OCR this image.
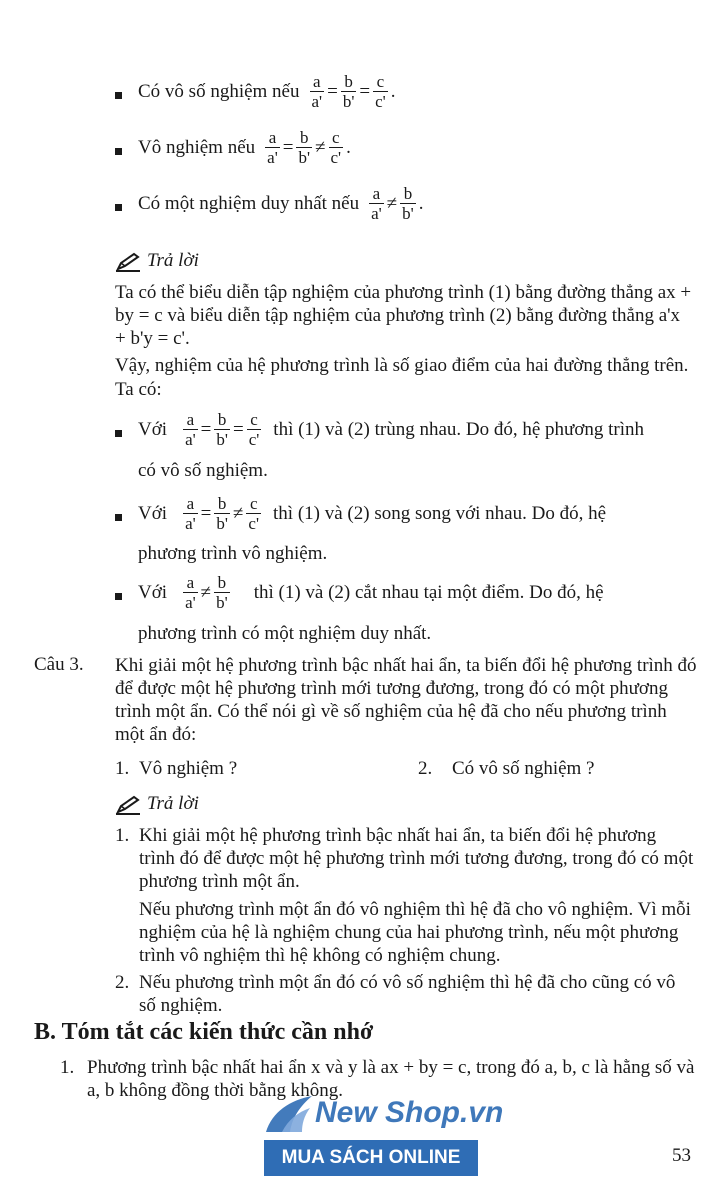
Có vô số nghiệm nếu $\frac{a}{a'} = \frac{b}{b'} = \frac{c}{c'}$ .
Vô nghiệm nếu $\frac{a}{a'} = \frac{b}{b'} \ne \frac{c}{c'}$ .
Có một nghiệm duy nhất nếu $\frac{a}{a'} \ne \frac{b}{b'}$ .
Trả lời
Ta có thể biểu diễn tập nghiệm của phương trình (1) bằng đường thẳng ax + by = c và biểu diễn tập nghiệm của phương trình (2) bằng đường thẳng a'x + b'y = c'.
Vậy, nghiệm của hệ phương trình là số giao điểm của hai đường thẳng trên.
Ta có:
Với $\frac{a}{a'} = \frac{b}{b'} = \frac{c}{c'}$ thì (1) và (2) trùng nhau. Do đó, hệ phương trình
có vô số nghiệm.
Với $\frac{a}{a'} = \frac{b}{b'} \ne \frac{c}{c'}$ thì (1) và (2) song song với nhau. Do đó, hệ
phương trình vô nghiệm.
Với $\frac{a}{a'} \ne \frac{b}{b'}$ thì (1) và (2) cắt nhau tại một điểm. Do đó, hệ
phương trình có một nghiệm duy nhất.
Câu 3. Khi giải một hệ phương trình bậc nhất hai ẩn, ta biến đổi hệ phương trình đó để được một hệ phương trình mới tương đương, trong đó có một phương trình một ẩn. Có thể nói gì về số nghiệm của hệ đã cho nếu phương trình một ẩn đó:
1. Vô nghiệm ?	2. Có vô số nghiệm ?
Trả lời
1. Khi giải một hệ phương trình bậc nhất hai ẩn, ta biến đổi hệ phương trình đó để được một hệ phương trình mới tương đương, trong đó có một phương trình một ẩn.
Nếu phương trình một ẩn đó vô nghiệm thì hệ đã cho vô nghiệm. Vì mỗi nghiệm của hệ là nghiệm chung của hai phương trình, nếu một phương trình vô nghiệm thì hệ không có nghiệm chung.
2. Nếu phương trình một ẩn đó có vô số nghiệm thì hệ đã cho cũng có vô số nghiệm.
B. Tóm tắt các kiến thức cần nhớ
1. Phương trình bậc nhất hai ẩn x và y là ax + by = c, trong đó a, b, c là hằng số và a, b không đồng thời bằng không.
New Shop.vn
MUA SÁCH ONLINE	53
